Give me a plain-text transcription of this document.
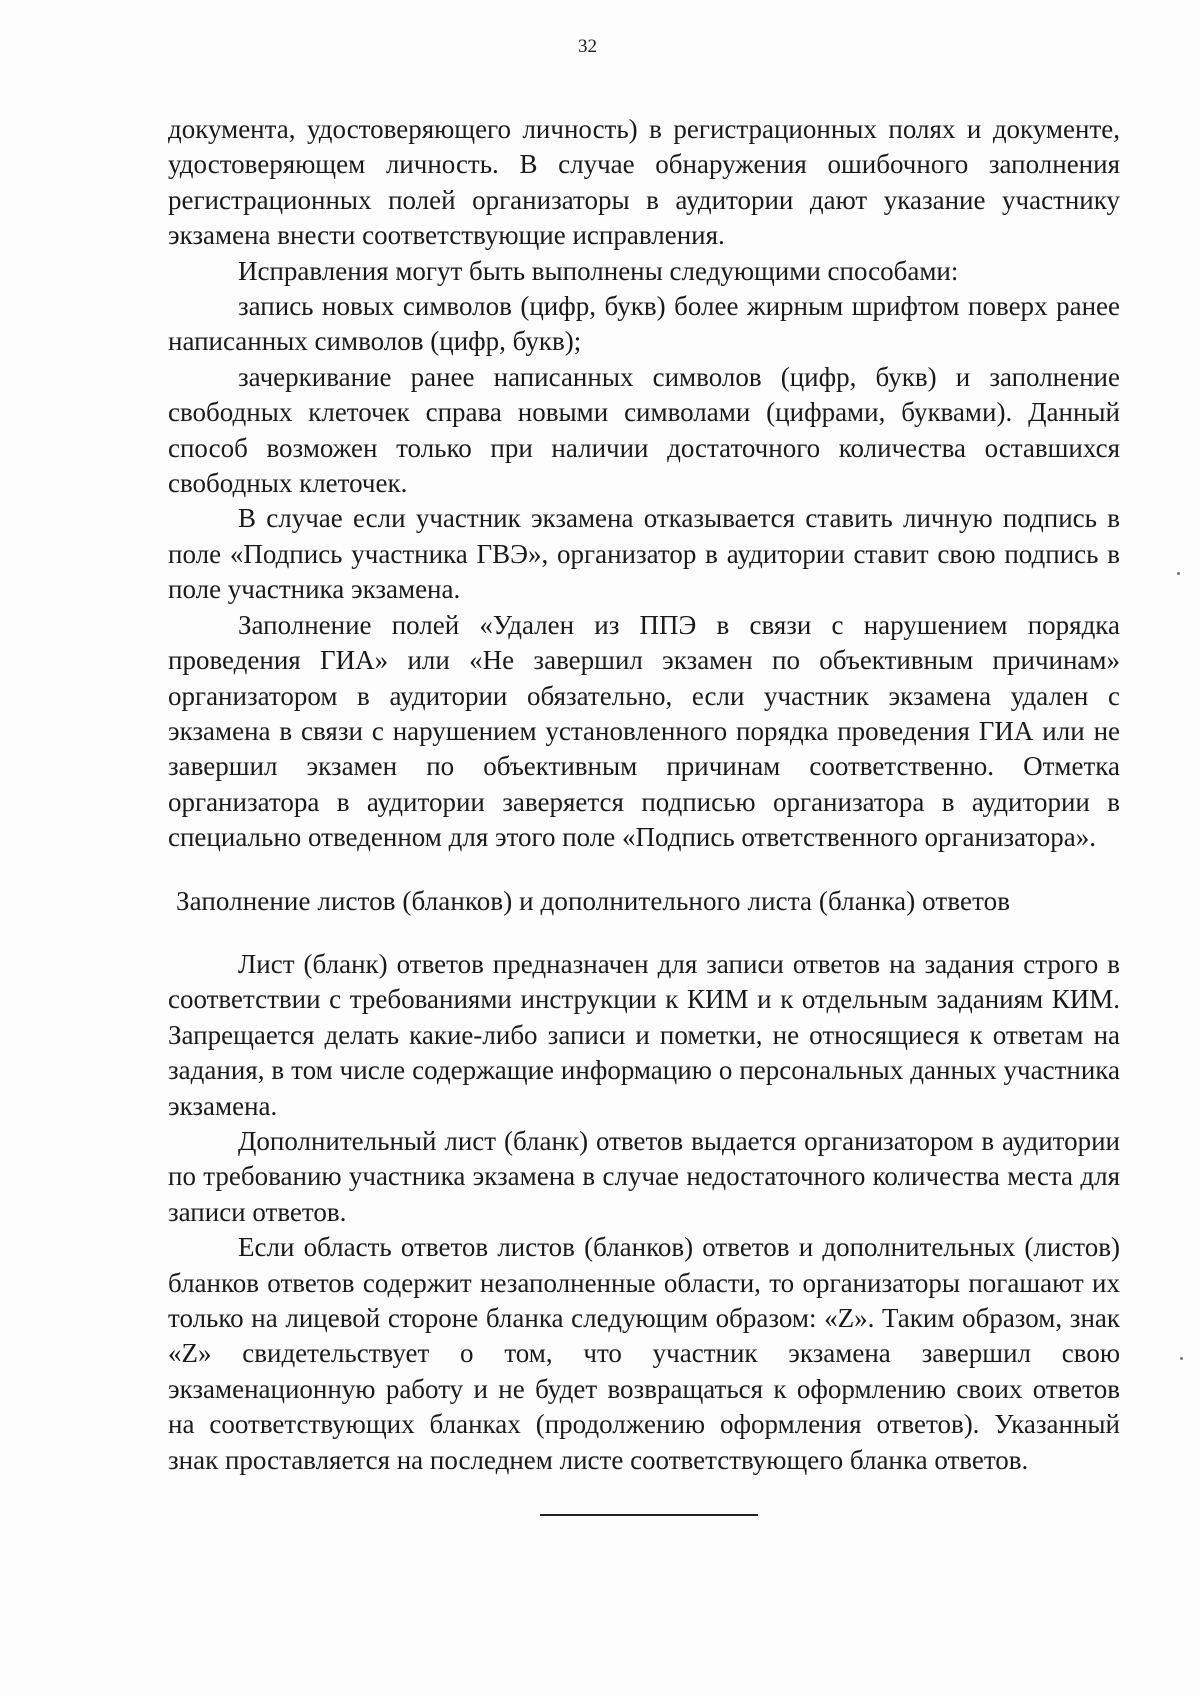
32

документа, удостоверяющего личность) в регистрационных полях и документе, удостоверяющем личность. В случае обнаружения ошибочного заполнения регистрационных полей организаторы в аудитории дают указание участнику экзамена внести соответствующие исправления.

Исправления могут быть выполнены следующими способами:

запись новых символов (цифр, букв) более жирным шрифтом поверх ранее написанных символов (цифр, букв);

зачеркивание ранее написанных символов (цифр, букв) и заполнение свободных клеточек справа новыми символами (цифрами, буквами). Данный способ возможен только при наличии достаточного количества оставшихся свободных клеточек.

В случае если участник экзамена отказывается ставить личную подпись в поле «Подпись участника ГВЭ», организатор в аудитории ставит свою подпись в поле участника экзамена.

Заполнение полей «Удален из ППЭ в связи с нарушением порядка проведения ГИА» или «Не завершил экзамен по объективным причинам» организатором в аудитории обязательно, если участник экзамена удален с экзамена в связи с нарушением установленного порядка проведения ГИА или не завершил экзамен по объективным причинам соответственно. Отметка организатора в аудитории заверяется подписью организатора в аудитории в специально отведенном для этого поле «Подпись ответственного организатора».

Заполнение листов (бланков) и дополнительного листа (бланка) ответов

Лист (бланк) ответов предназначен для записи ответов на задания строго в соответствии с требованиями инструкции к КИМ и к отдельным заданиям КИМ. Запрещается делать какие-либо записи и пометки, не относящиеся к ответам на задания, в том числе содержащие информацию о персональных данных участника экзамена.

Дополнительный лист (бланк) ответов выдается организатором в аудитории по требованию участника экзамена в случае недостаточного количества места для записи ответов.

Если область ответов листов (бланков) ответов и дополнительных (листов) бланков ответов содержит незаполненные области, то организаторы погашают их только на лицевой стороне бланка следующим образом: «Z». Таким образом, знак «Z» свидетельствует о том, что участник экзамена завершил свою экзаменационную работу и не будет возвращаться к оформлению своих ответов на соответствующих бланках (продолжению оформления ответов). Указанный знак проставляется на последнем листе соответствующего бланка ответов.
